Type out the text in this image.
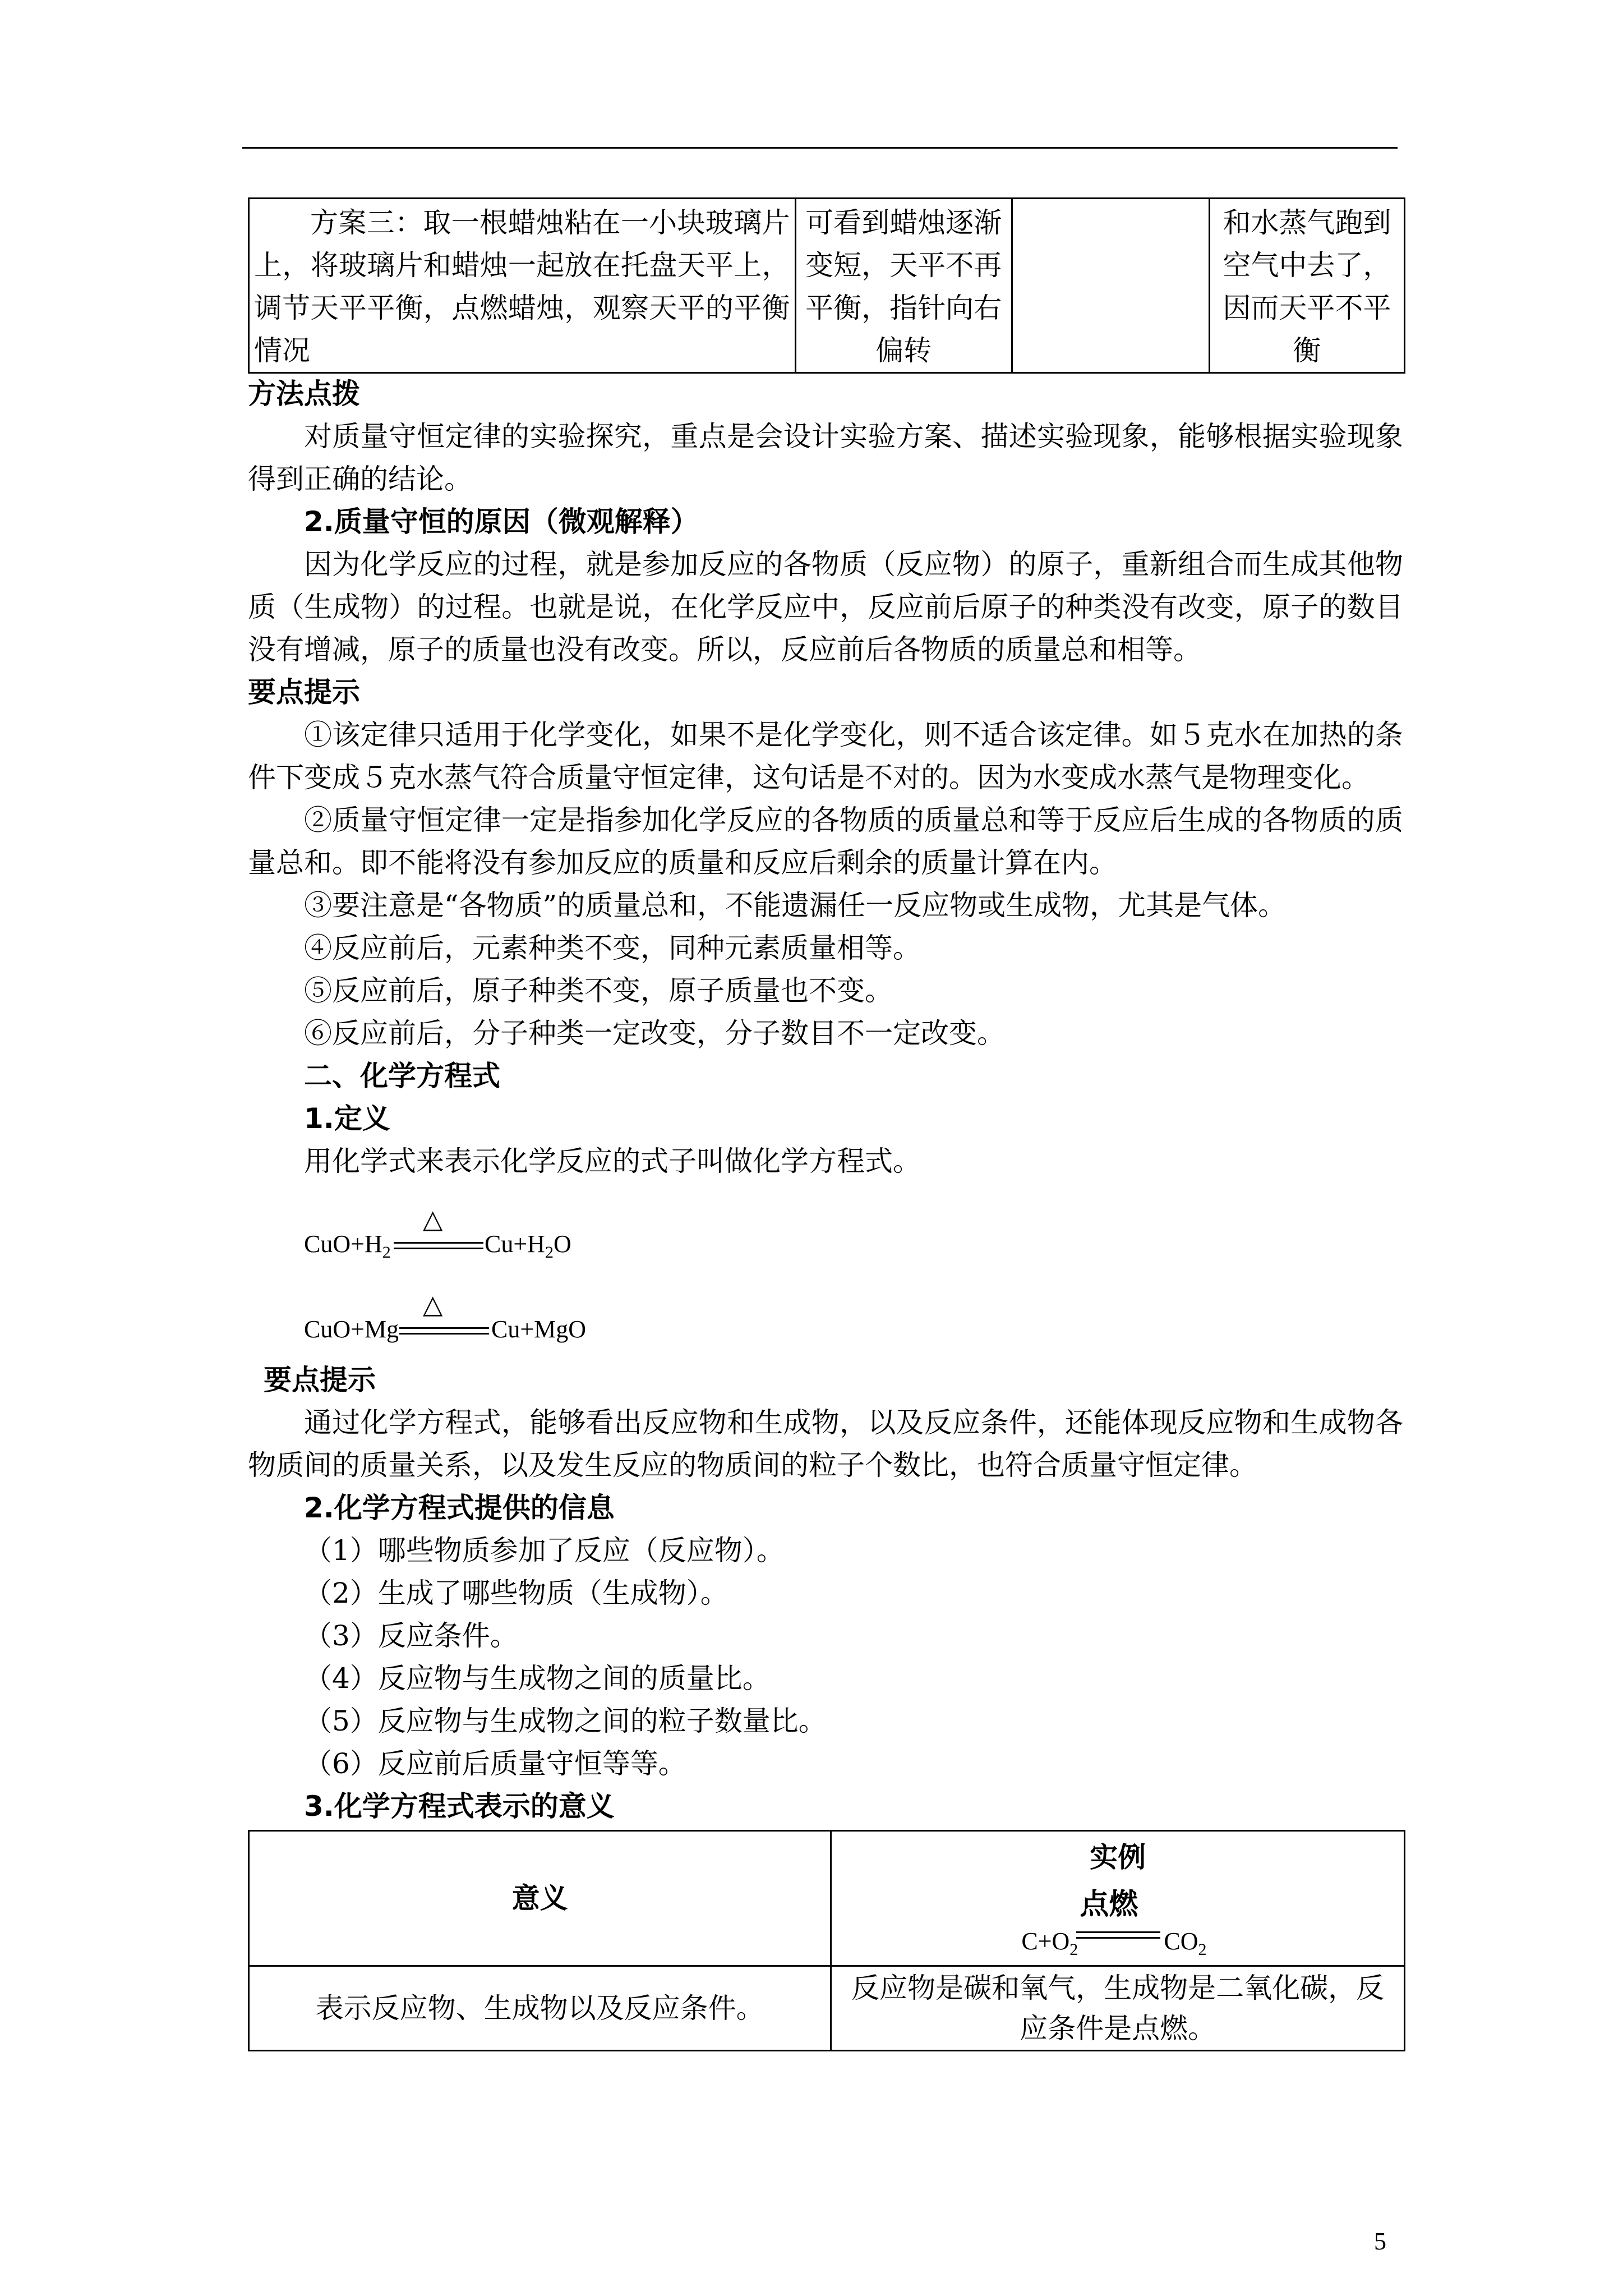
方案三：取一根蜡烛粘在一小块玻璃片上，将玻璃片和蜡烛一起放在托盘天平上，调节天平平衡，点燃蜡烛，观察天平的平衡情况	可看到蜡烛逐渐变短，天平不再平衡，指针向右偏转		和水蒸气跑到空气中去了，因而天平不平衡

方法点拨

对质量守恒定律的实验探究，重点是会设计实验方案、描述实验现象，能够根据实验现象得到正确的结论。

2.质量守恒的原因（微观解释）

因为化学反应的过程，就是参加反应的各物质（反应物）的原子，重新组合而生成其他物质（生成物）的过程。也就是说，在化学反应中，反应前后原子的种类没有改变，原子的数目没有增减，原子的质量也没有改变。所以，反应前后各物质的质量总和相等。

要点提示

①该定律只适用于化学变化，如果不是化学变化，则不适合该定律。如５克水在加热的条件下变成５克水蒸气符合质量守恒定律，这句话是不对的。因为水变成水蒸气是物理变化。

②质量守恒定律一定是指参加化学反应的各物质的质量总和等于反应后生成的各物质的质量总和。即不能将没有参加反应的质量和反应后剩余的质量计算在内。

③要注意是“各物质”的质量总和，不能遗漏任一反应物或生成物，尤其是气体。

④反应前后，元素种类不变，同种元素质量相等。

⑤反应前后，原子种类不变，原子质量也不变。

⑥反应前后，分子种类一定改变，分子数目不一定改变。

二、化学方程式

1.定义

用化学式来表示化学反应的式子叫做化学方程式。

$CuO+H_2$
△
$Cu+H_2O$
CuO+Mg
△
Cu+MgO

要点提示

通过化学方程式，能够看出反应物和生成物，以及反应条件，还能体现反应物和生成物各物质间的质量关系，以及发生反应的物质间的粒子个数比，也符合质量守恒定律。

2.化学方程式提供的信息

（1）哪些物质参加了反应（反应物）。

（2）生成了哪些物质（生成物）。

（3）反应条件。

（4）反应物与生成物之间的质量比。

（5）反应物与生成物之间的粒子数量比。

（6）反应前后质量守恒等等。

3.化学方程式表示的意义

意义	实例
$C+O_2$
点燃
$CO_2$

表示反应物、生成物以及反应条件。	反应物是碳和氧气，生成物是二氧化碳，反应条件是点燃。
5
